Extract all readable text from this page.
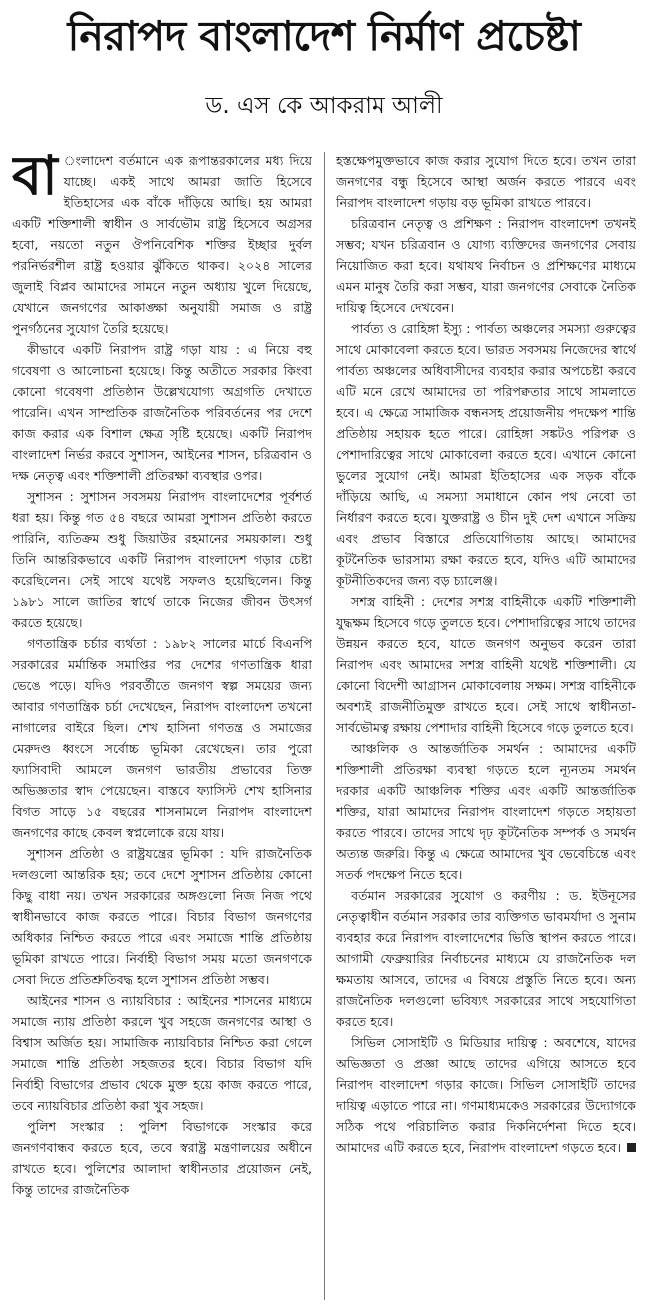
নিরাপদ বাংলাদেশ নির্মাণ প্রচেষ্টা
ড. এস কে আকরাম আলী

বা ংলাদেশ বর্তমানে এক রূপান্তরকালের মধ্য দিয়ে যাচ্ছে। একই সাথে আমরা জাতি হিসেবে ইতিহাসের এক বাঁকে দাঁড়িয়ে আছি। হয় আমরা একটি শক্তিশালী স্বাধীন ও সার্বভৌম রাষ্ট্র হিসেবে অগ্রসর হবো, নয়তো নতুন ঔপনিবেশিক শক্তির ইচ্ছার দুর্বল পরনির্ভরশীল রাষ্ট্র হওয়ার ঝুঁকিতে থাকব। ২০২৪ সালের জুলাই বিপ্লব আমাদের সামনে নতুন অধ্যায় খুলে দিয়েছে, যেখানে জনগণের আকাঙ্ক্ষা অনুযায়ী সমাজ ও রাষ্ট্র পুনর্গঠনের সুযোগ তৈরি হয়েছে।

কীভাবে একটি নিরাপদ রাষ্ট্র গড়া যায় : এ নিয়ে বহু গবেষণা ও আলোচনা হয়েছে। কিন্তু অতীতে সরকার কিংবা কোনো গবেষণা প্রতিষ্ঠান উল্লেখযোগ্য অগ্রগতি দেখাতে পারেনি। এখন সাম্প্রতিক রাজনৈতিক পরিবর্তনের পর দেশে কাজ করার এক বিশাল ক্ষেত্র সৃষ্টি হয়েছে। একটি নিরাপদ বাংলাদেশ নির্ভর করবে সুশাসন, আইনের শাসন, চরিত্রবান ও দক্ষ নেতৃত্ব এবং শক্তিশালী প্রতিরক্ষা ব্যবস্থার ওপর।

সুশাসন : সুশাসন সবসময় নিরাপদ বাংলাদেশের পূর্বশর্ত ধরা হয়। কিন্তু গত ৫৪ বছরে আমরা সুশাসন প্রতিষ্ঠা করতে পারিনি, ব্যতিক্রম শুধু জিয়াউর রহমানের সময়কাল। শুধু তিনি আন্তরিকভাবে একটি নিরাপদ বাংলাদেশ গড়ার চেষ্টা করেছিলেন। সেই সাথে যথেষ্ট সফলও হয়েছিলেন। কিন্তু ১৯৮১ সালে জাতির স্বার্থে তাকে নিজের জীবন উৎসর্গ করতে হয়েছে।

গণতান্ত্রিক চর্চার ব্যর্থতা : ১৯৮২ সালের মার্চে বিএনপি সরকারের মর্মান্তিক সমাপ্তির পর দেশের গণতান্ত্রিক ধারা ভেঙে পড়ে। যদিও পরবর্তীতে জনগণ স্বল্প সময়ের জন্য আবার গণতান্ত্রিক চর্চা দেখেছেন, নিরাপদ বাংলাদেশ তখনো নাগালের বাইরে ছিল। শেখ হাসিনা গণতন্ত্র ও সমাজের মেরুদণ্ড ধ্বংসে সর্বোচ্চ ভূমিকা রেখেছেন। তার পুরো ফ্যাসিবাদী আমলে জনগণ ভারতীয় প্রভাবের তিক্ত অভিজ্ঞতার স্বাদ পেয়েছেন। বাস্তবে ফ্যাসিস্ট শেখ হাসিনার বিগত সাড়ে ১৫ বছরের শাসনামলে নিরাপদ বাংলাদেশ জনগণের কাছে কেবল স্বপ্নলোকে রয়ে যায়।

সুশাসন প্রতিষ্ঠা ও রাষ্ট্রযন্ত্রের ভূমিকা : যদি রাজনৈতিক দলগুলো আন্তরিক হয়; তবে দেশে সুশাসন প্রতিষ্ঠায় কোনো কিছু বাধা নয়। তখন সরকারের অঙ্গগুলো নিজ নিজ পথে স্বাধীনভাবে কাজ করতে পারে। বিচার বিভাগ জনগণের অধিকার নিশ্চিত করতে পারে এবং সমাজে শান্তি প্রতিষ্ঠায় ভূমিকা রাখতে পারে। নির্বাহী বিভাগ সময় মতো জনগণকে সেবা দিতে প্রতিশ্রুতিবদ্ধ হলে সুশাসন প্রতিষ্ঠা সম্ভব।

আইনের শাসন ও ন্যায়বিচার : আইনের শাসনের মাধ্যমে সমাজে ন্যায় প্রতিষ্ঠা করলে খুব সহজে জনগণের আস্থা ও বিশ্বাস অর্জিত হয়। সামাজিক ন্যায়বিচার নিশ্চিত করা গেলে সমাজে শান্তি প্রতিষ্ঠা সহজতর হবে। বিচার বিভাগ যদি নির্বাহী বিভাগের প্রভাব থেকে মুক্ত হয়ে কাজ করতে পারে, তবে ন্যায়বিচার প্রতিষ্ঠা করা খুব সহজ।

পুলিশ সংস্কার : পুলিশ বিভাগকে সংস্কার করে জনগণবান্ধব করতে হবে, তবে স্বরাষ্ট্র মন্ত্রণালয়ের অধীনে রাখতে হবে। পুলিশের আলাদা স্বাধীনতার প্রয়োজন নেই, কিন্তু তাদের রাজনৈতিক

হস্তক্ষেপমুক্তভাবে কাজ করার সুযোগ দিতে হবে। তখন তারা জনগণের বন্ধু হিসেবে আস্থা অর্জন করতে পারবে এবং নিরাপদ বাংলাদেশ গড়ায় বড় ভূমিকা রাখতে পারবে।

চরিত্রবান নেতৃত্ব ও প্রশিক্ষণ : নিরাপদ বাংলাদেশ তখনই সম্ভব; যখন চরিত্রবান ও যোগ্য ব্যক্তিদের জনগণের সেবায় নিয়োজিত করা হবে। যথাযথ নির্বাচন ও প্রশিক্ষণের মাধ্যমে এমন মানুষ তৈরি করা সম্ভব, যারা জনগণের সেবাকে নৈতিক দায়িত্ব হিসেবে দেখবেন।

পার্বত্য ও রোহিঙ্গা ইস্যু : পার্বত্য অঞ্চলের সমস্যা গুরুত্বের সাথে মোকাবেলা করতে হবে। ভারত সবসময় নিজেদের স্বার্থে পার্বত্য অঞ্চলের অধিবাসীদের ব্যবহার করার অপচেষ্টা করবে এটি মনে রেখে আমাদের তা পরিপক্বতার সাথে সামলাতে হবে। এ ক্ষেত্রে সামাজিক বন্ধনসহ প্রয়োজনীয় পদক্ষেপ শান্তি প্রতিষ্ঠায় সহায়ক হতে পারে। রোহিঙ্গা সঙ্কটও পরিপক্ব ও পেশাদারিত্বের সাথে মোকাবেলা করতে হবে। এখানে কোনো ভুলের সুযোগ নেই। আমরা ইতিহাসের এক সড়ক বাঁকে দাঁড়িয়ে আছি, এ সমস্যা সমাধানে কোন পথ নেবো তা নির্ধারণ করতে হবে। যুক্তরাষ্ট্র ও চীন দুই দেশ এখানে সক্রিয় এবং প্রভাব বিস্তারে প্রতিযোগিতায় আছে। আমাদের কূটনৈতিক ভারসাম্য রক্ষা করতে হবে, যদিও এটি আমাদের কূটনীতিকদের জন্য বড় চ্যালেঞ্জ।

সশস্ত্র বাহিনী : দেশের সশস্ত্র বাহিনীকে একটি শক্তিশালী যুদ্ধক্ষম হিসেবে গড়ে তুলতে হবে। পেশাদারিত্বের সাথে তাদের উন্নয়ন করতে হবে, যাতে জনগণ অনুভব করেন তারা নিরাপদ এবং আমাদের সশস্ত্র বাহিনী যথেষ্ট শক্তিশালী। যে কোনো বিদেশী আগ্রাসন মোকাবেলায় সক্ষম। সশস্ত্র বাহিনীকে অবশ্যই রাজনীতিমুক্ত রাখতে হবে। সেই সাথে স্বাধীনতা-সার্বভৌমত্ব রক্ষায় পেশাদার বাহিনী হিসেবে গড়ে তুলতে হবে।

আঞ্চলিক ও আন্তর্জাতিক সমর্থন : আমাদের একটি শক্তিশালী প্রতিরক্ষা ব্যবস্থা গড়তে হলে ন্যূনতম সমর্থন দরকার একটি আঞ্চলিক শক্তির এবং একটি আন্তর্জাতিক শক্তির, যারা আমাদের নিরাপদ বাংলাদেশ গড়তে সহায়তা করতে পারবে। তাদের সাথে দৃঢ় কূটনৈতিক সম্পর্ক ও সমর্থন অত্যন্ত জরুরি। কিন্তু এ ক্ষেত্রে আমাদের খুব ভেবেচিন্তে এবং সতর্ক পদক্ষেপ নিতে হবে।

বর্তমান সরকারের সুযোগ ও করণীয় : ড. ইউনূসের নেতৃত্বাধীন বর্তমান সরকার তার ব্যক্তিগত ভাবমর্যাদা ও সুনাম ব্যবহার করে নিরাপদ বাংলাদেশের ভিত্তি স্থাপন করতে পারে। আগামী ফেব্রুয়ারির নির্বাচনের মাধ্যমে যে রাজনৈতিক দল ক্ষমতায় আসবে, তাদের এ বিষয়ে প্রস্তুতি নিতে হবে। অন্য রাজনৈতিক দলগুলো ভবিষ্যৎ সরকারের সাথে সহযোগিতা করতে হবে।

সিভিল সোসাইটি ও মিডিয়ার দায়িত্ব : অবশেষে, যাদের অভিজ্ঞতা ও প্রজ্ঞা আছে তাদের এগিয়ে আসতে হবে নিরাপদ বাংলাদেশ গড়ার কাজে। সিভিল সোসাইটি তাদের দায়িত্ব এড়াতে পারে না। গণমাধ্যমকেও সরকারের উদ্যোগকে সঠিক পথে পরিচালিত করার দিকনির্দেশনা দিতে হবে। আমাদের এটি করতে হবে, নিরাপদ বাংলাদেশ গড়তে হবে।
